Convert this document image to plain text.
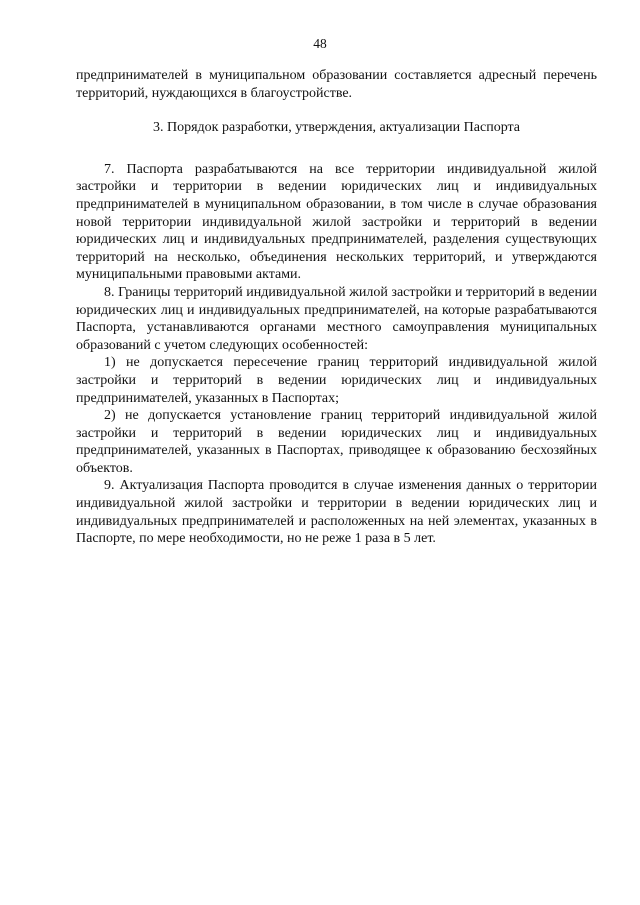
48

предпринимателей в муниципальном образовании составляется адресный перечень территорий, нуждающихся в благоустройстве.

3. Порядок разработки, утверждения, актуализации Паспорта

7. Паспорта разрабатываются на все территории индивидуальной жилой застройки и территории в ведении юридических лиц и индивидуальных предпринимателей в муниципальном образовании, в том числе в случае образования новой территории индивидуальной жилой застройки и территорий в ведении юридических лиц и индивидуальных предпринимателей, разделения существующих территорий на несколько, объединения нескольких территорий, и утверждаются муниципальными правовыми актами.

8. Границы территорий индивидуальной жилой застройки и территорий в ведении юридических лиц и индивидуальных предпринимателей, на которые разрабатываются Паспорта, устанавливаются органами местного самоуправления муниципальных образований с учетом следующих особенностей:

1) не допускается пересечение границ территорий индивидуальной жилой застройки и территорий в ведении юридических лиц и индивидуальных предпринимателей, указанных в Паспортах;

2) не допускается установление границ территорий индивидуальной жилой застройки и территорий в ведении юридических лиц и индивидуальных предпринимателей, указанных в Паспортах, приводящее к образованию бесхозяйных объектов.

9. Актуализация Паспорта проводится в случае изменения данных о территории индивидуальной жилой застройки и территории в ведении юридических лиц и индивидуальных предпринимателей и расположенных на ней элементах, указанных в Паспорте, по мере необходимости, но не реже 1 раза в 5 лет.
